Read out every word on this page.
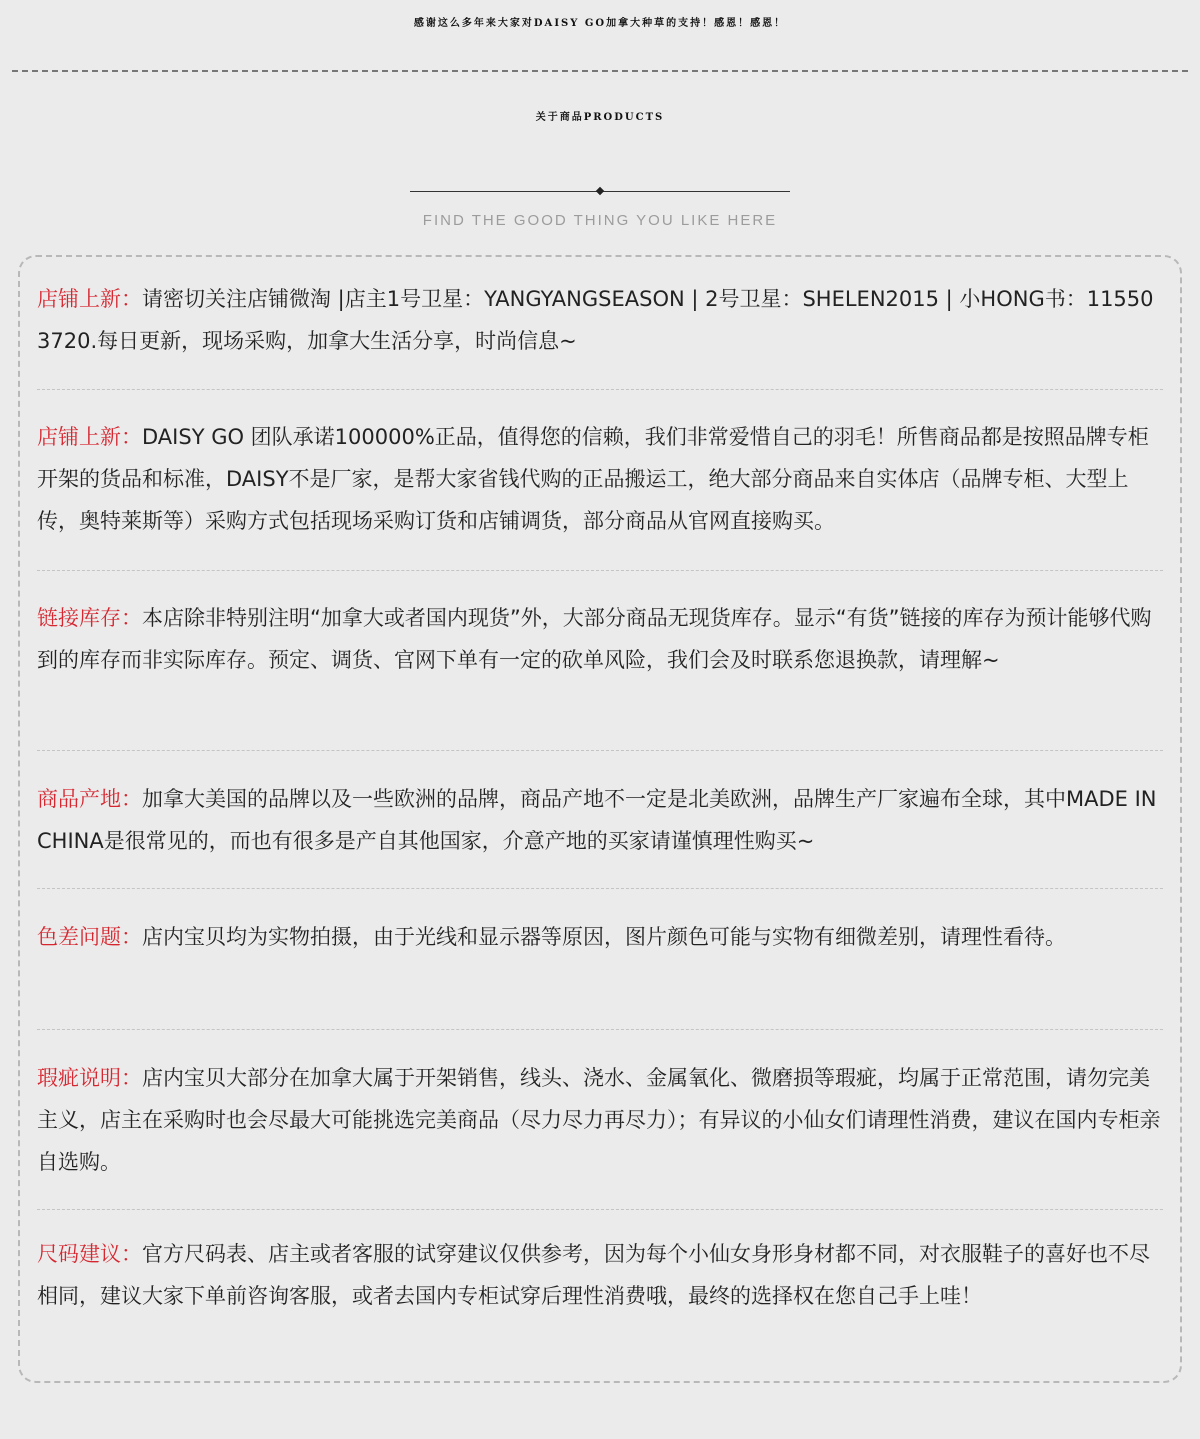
感谢这么多年来大家对DAISY GO加拿大种草的支持！感恩！感恩！
关于商品PRODUCTS
FIND THE GOOD THING YOU LIKE HERE
店铺上新：请密切关注店铺微淘 |店主1号卫星：YANGYANGSEASON | 2号卫星：SHELEN2015 | 小HONG书：115503720.每日更新，现场采购，加拿大生活分享，时尚信息~
店铺上新：DAISY GO 团队承诺100000%正品，值得您的信赖，我们非常爱惜自己的羽毛！所售商品都是按照品牌专柜开架的货品和标准，DAISY不是厂家，是帮大家省钱代购的正品搬运工，绝大部分商品来自实体店（品牌专柜、大型上传，奥特莱斯等）采购方式包括现场采购订货和店铺调货，部分商品从官网直接购买。
链接库存：本店除非特别注明“加拿大或者国内现货”外，大部分商品无现货库存。显示“有货”链接的库存为预计能够代购到的库存而非实际库存。预定、调货、官网下单有一定的砍单风险，我们会及时联系您退换款，请理解~
商品产地：加拿大美国的品牌以及一些欧洲的品牌，商品产地不一定是北美欧洲，品牌生产厂家遍布全球，其中MADE IN CHINA是很常见的，而也有很多是产自其他国家，介意产地的买家请谨慎理性购买~
色差问题：店内宝贝均为实物拍摄，由于光线和显示器等原因，图片颜色可能与实物有细微差别，请理性看待。
瑕疵说明：店内宝贝大部分在加拿大属于开架销售，线头、浇水、金属氧化、微磨损等瑕疵，均属于正常范围，请勿完美主义，店主在采购时也会尽最大可能挑选完美商品（尽力尽力再尽力）；有异议的小仙女们请理性消费，建议在国内专柜亲自选购。
尺码建议：官方尺码表、店主或者客服的试穿建议仅供参考，因为每个小仙女身形身材都不同，对衣服鞋子的喜好也不尽相同，建议大家下单前咨询客服，或者去国内专柜试穿后理性消费哦，最终的选择权在您自己手上哇！
